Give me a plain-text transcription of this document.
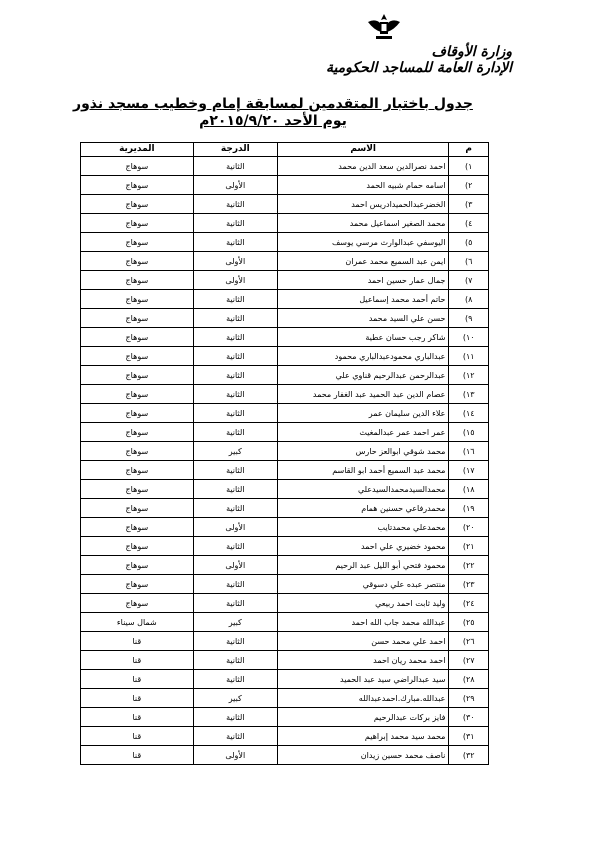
وزارة الأوقاف
الإدارة العامة للمساجد الحكومية
جدول باختبار المتقدمين لمسابقة إمام وخطيب مسجد نذور
يوم الأحد ٢٠١٥/٩/٢٠م
م	الاسم	الدرجة	المديرية
١)	احمد نصرالدين سعد الدين محمد	الثانية	سوهاج
٢)	اسامه حمام شبيه الحمد	الأولى	سوهاج
٣)	الخضرعبدالحميدادريس احمد	الثانية	سوهاج
٤)	محمد الصغير اسماعيل محمد	الثانية	سوهاج
٥)	اليوسفي عبدالوارث مرسي يوسف	الثانية	سوهاج
٦)	ايمن عبد السميع محمد عمران	الأولى	سوهاج
٧)	جمال عمار حسين احمد	الأولى	سوهاج
٨)	حاتم أحمد محمد إسماعيل	الثانية	سوهاج
٩)	حسن علي السيد محمد	الثانية	سوهاج
١٠)	شاكر رجب حسان عطية	الثانية	سوهاج
١١)	عبدالباري محمودعبدالباري محمود	الثانية	سوهاج
١٢)	عبدالرحمن عبدالرحيم قناوي علي	الثانية	سوهاج
١٣)	عصام الدين عبد الحميد عبد الغفار محمد	الثانية	سوهاج
١٤)	علاء الدين سليمان عمر	الثانية	سوهاج
١٥)	عمر احمد عمر عبدالمغيث	الثانية	سوهاج
١٦)	محمد شوقي ابوالعز حارس	كبير	سوهاج
١٧)	محمد عبد السميع أحمد ابو القاسم	الثانية	سوهاج
١٨)	محمدالسيدمحمدالسيدعلي	الثانية	سوهاج
١٩)	محمدرفاعي حسنين همام	الثانية	سوهاج
٢٠)	محمدعلي محمدتايب	الأولى	سوهاج
٢١)	محمود خضيري علي احمد	الثانية	سوهاج
٢٢)	محمود فتحي أبو الليل عبد الرحيم	الأولى	سوهاج
٢٣)	منتصر عبده علي دسوقي	الثانية	سوهاج
٢٤)	وليد ثابت احمد ربيعي	الثانية	سوهاج
٢٥)	عبدالله محمد جاب الله احمد	كبير	شمال سيناء
٢٦)	احمد علي محمد حسن	الثانية	قنا
٢٧)	احمد محمد ريان احمد	الثانية	قنا
٢٨)	سيد عبدالراضي سيد عبد الحميد	الثانية	قنا
٢٩)	عبدالله.مبارك.احمدعبدالله	كبير	قنا
٣٠)	فايز بركات عبدالرحيم	الثانية	قنا
٣١)	محمد سيد محمد إبراهيم	الثانية	قنا
٣٢)	ناصف محمد حسين زيدان	الأولى	قنا
